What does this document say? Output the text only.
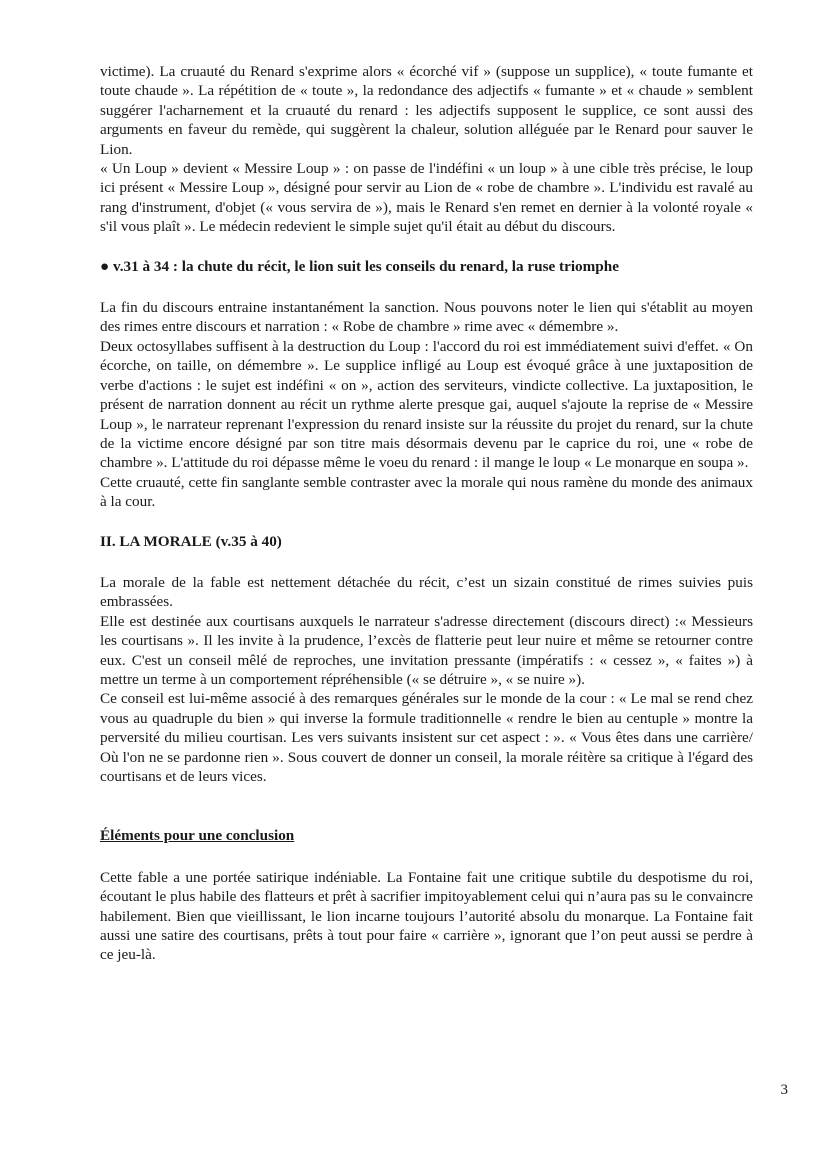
victime). La cruauté du Renard s'exprime alors « écorché vif » (suppose un supplice), « toute fumante et toute chaude ». La répétition de « toute », la redondance des adjectifs « fumante » et « chaude » semblent suggérer l'acharnement et la cruauté du renard : les adjectifs supposent le supplice, ce sont aussi des arguments en faveur du remède, qui suggèrent la chaleur, solution alléguée par le Renard pour sauver le Lion.

« Un Loup » devient « Messire Loup » : on passe de l'indéfini « un loup » à une cible très précise, le loup ici présent « Messire Loup », désigné pour servir au Lion de « robe de chambre ». L'individu est ravalé au rang d'instrument, d'objet (« vous servira de »), mais le Renard s'en remet en dernier à la volonté royale « s'il vous plaît ». Le médecin redevient le simple sujet qu'il était au début du discours.

● v.31 à 34 : la chute du récit, le lion suit les conseils du renard, la ruse triomphe

La fin du discours entraine instantanément la sanction. Nous pouvons noter le lien qui s'établit au moyen des rimes entre discours et narration : « Robe de chambre » rime avec « démembre ».

Deux octosyllabes suffisent à la destruction du Loup : l'accord du roi est immédiatement suivi d'effet. « On écorche, on taille, on démembre ». Le supplice infligé au Loup est évoqué grâce à une juxtaposition de verbe d'actions : le sujet est indéfini « on », action des serviteurs, vindicte collective. La juxtaposition, le présent de narration donnent au récit un rythme alerte presque gai, auquel s'ajoute la reprise de « Messire Loup », le narrateur reprenant l'expression du renard insiste sur la réussite du projet du renard, sur la chute de la victime encore désigné par son titre mais désormais devenu par le caprice du roi, une « robe de chambre ». L'attitude du roi dépasse même le voeu du renard : il mange le loup « Le monarque en soupa ».

Cette cruauté, cette fin sanglante semble contraster avec la morale qui nous ramène du monde des animaux à la cour.

II. LA MORALE (v.35 à 40)

La morale de la fable est nettement détachée du récit, c’est un sizain constitué de rimes suivies puis embrassées.

Elle est destinée aux courtisans auxquels le narrateur s'adresse directement (discours direct) :« Messieurs les courtisans ». Il les invite à la prudence, l’excès de flatterie peut leur nuire et même se retourner contre eux. C'est un conseil mêlé de reproches, une invitation pressante (impératifs : « cessez », « faites ») à mettre un terme à un comportement répréhensible (« se détruire », « se nuire »).

Ce conseil est lui-même associé à des remarques générales sur le monde de la cour : « Le mal se rend chez vous au quadruple du bien » qui inverse la formule traditionnelle « rendre le bien au centuple » montre la perversité du milieu courtisan. Les vers suivants insistent sur cet aspect : ». « Vous êtes dans une carrière/ Où l'on ne se pardonne rien ». Sous couvert de donner un conseil, la morale réitère sa critique à l'égard des courtisans et de leurs vices.

Éléments pour une conclusion

Cette fable a une portée satirique indéniable. La Fontaine fait une critique subtile du despotisme du roi, écoutant le plus habile des flatteurs et prêt à sacrifier impitoyablement celui qui n’aura pas su le convaincre habilement. Bien que vieillissant, le lion incarne toujours l’autorité absolu du monarque. La Fontaine fait aussi une satire des courtisans, prêts à tout pour faire « carrière », ignorant que l’on peut aussi se perdre à ce jeu-là.

3
